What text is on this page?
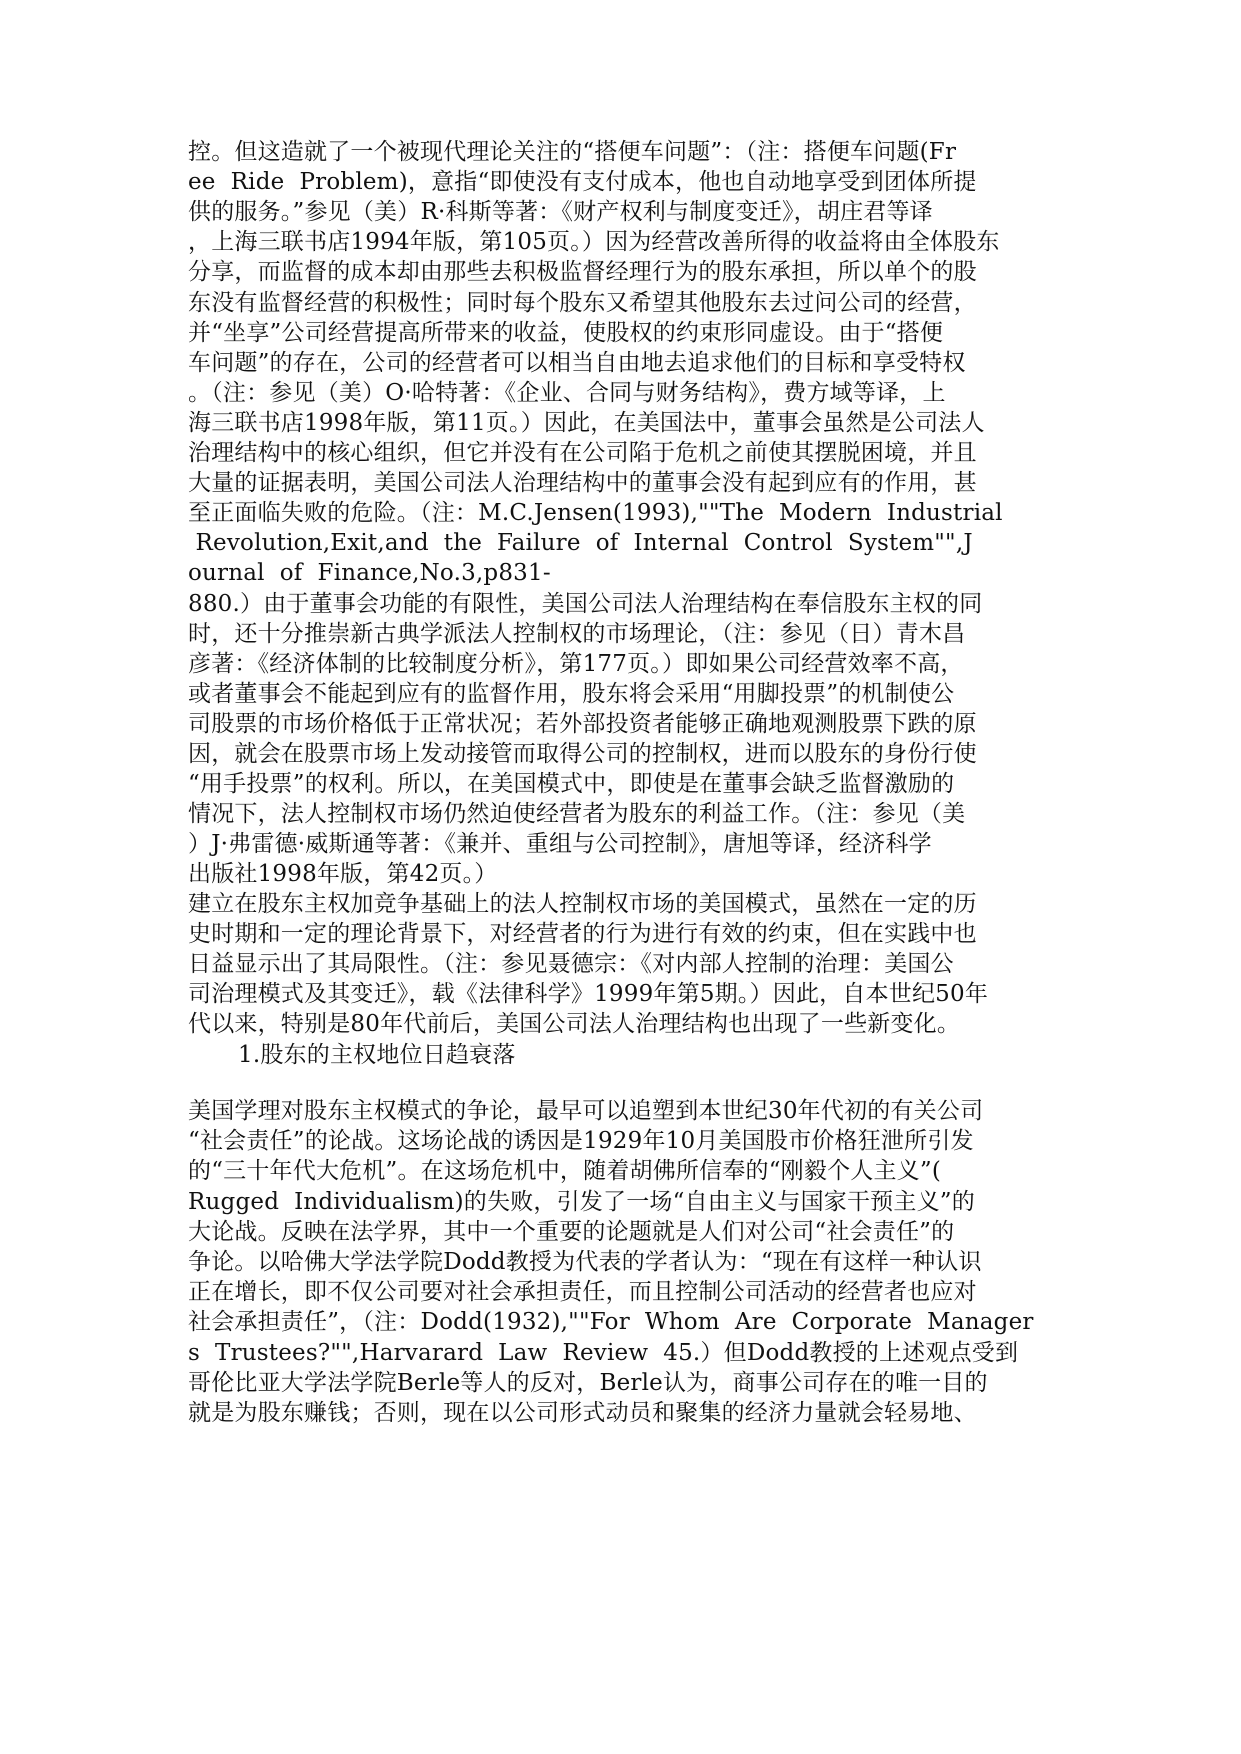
控。但这造就了一个被现代理论关注的“搭便车问题”：（注：搭便车问题(Fr
ee  Ride  Problem)，意指“即使没有支付成本，他也自动地享受到团体所提
供的服务。”参见（美）R·科斯等著：《财产权利与制度变迁》，胡庄君等译
，上海三联书店1994年版，第105页。）因为经营改善所得的收益将由全体股东
分享，而监督的成本却由那些去积极监督经理行为的股东承担，所以单个的股
东没有监督经营的积极性；同时每个股东又希望其他股东去过问公司的经营，
并“坐享”公司经营提高所带来的收益，使股权的约束形同虚设。由于“搭便
车问题”的存在，公司的经营者可以相当自由地去追求他们的目标和享受特权
。（注：参见（美）O·哈特著：《企业、合同与财务结构》，费方域等译，上
海三联书店1998年版，第11页。）因此，在美国法中，董事会虽然是公司法人
治理结构中的核心组织，但它并没有在公司陷于危机之前使其摆脱困境，并且
大量的证据表明，美国公司法人治理结构中的董事会没有起到应有的作用，甚
至正面临失败的危险。（注：M.C.Jensen(1993),""The  Modern  Industrial
Revolution,Exit,and  the  Failure  of  Internal  Control  System"",J
ournal  of  Finance,No.3,p831-
880.）由于董事会功能的有限性，美国公司法人治理结构在奉信股东主权的同
时，还十分推崇新古典学派法人控制权的市场理论，（注：参见（日）青木昌
彦著：《经济体制的比较制度分析》，第177页。）即如果公司经营效率不高，
或者董事会不能起到应有的监督作用，股东将会采用“用脚投票”的机制使公
司股票的市场价格低于正常状况；若外部投资者能够正确地观测股票下跌的原
因，就会在股票市场上发动接管而取得公司的控制权，进而以股东的身份行使
“用手投票”的权利。所以，在美国模式中，即使是在董事会缺乏监督激励的
情况下，法人控制权市场仍然迫使经营者为股东的利益工作。（注：参见（美
）J·弗雷德·威斯通等著：《兼并、重组与公司控制》，唐旭等译，经济科学
出版社1998年版，第42页。）
建立在股东主权加竞争基础上的法人控制权市场的美国模式，虽然在一定的历
史时期和一定的理论背景下，对经营者的行为进行有效的约束，但在实践中也
日益显示出了其局限性。（注：参见聂德宗：《对内部人控制的治理：美国公
司治理模式及其变迁》，载《法律科学》1999年第5期。）因此，自本世纪50年
代以来，特别是80年代前后，美国公司法人治理结构也出现了一些新变化。
1.股东的主权地位日趋衰落
美国学理对股东主权模式的争论，最早可以追塑到本世纪30年代初的有关公司
“社会责任”的论战。这场论战的诱因是1929年10月美国股市价格狂泄所引发
的“三十年代大危机”。在这场危机中，随着胡佛所信奉的“刚毅个人主义”(
Rugged  Individualism)的失败，引发了一场“自由主义与国家干预主义”的
大论战。反映在法学界，其中一个重要的论题就是人们对公司“社会责任”的
争论。以哈佛大学法学院Dodd教授为代表的学者认为：“现在有这样一种认识
正在增长，即不仅公司要对社会承担责任，而且控制公司活动的经营者也应对
社会承担责任”，（注：Dodd(1932),""For  Whom  Are  Corporate  Manager
s  Trustees?"",Harvarard  Law  Review  45.）但Dodd教授的上述观点受到
哥伦比亚大学法学院Berle等人的反对，Berle认为，商事公司存在的唯一目的
就是为股东赚钱；否则，现在以公司形式动员和聚集的经济力量就会轻易地、
